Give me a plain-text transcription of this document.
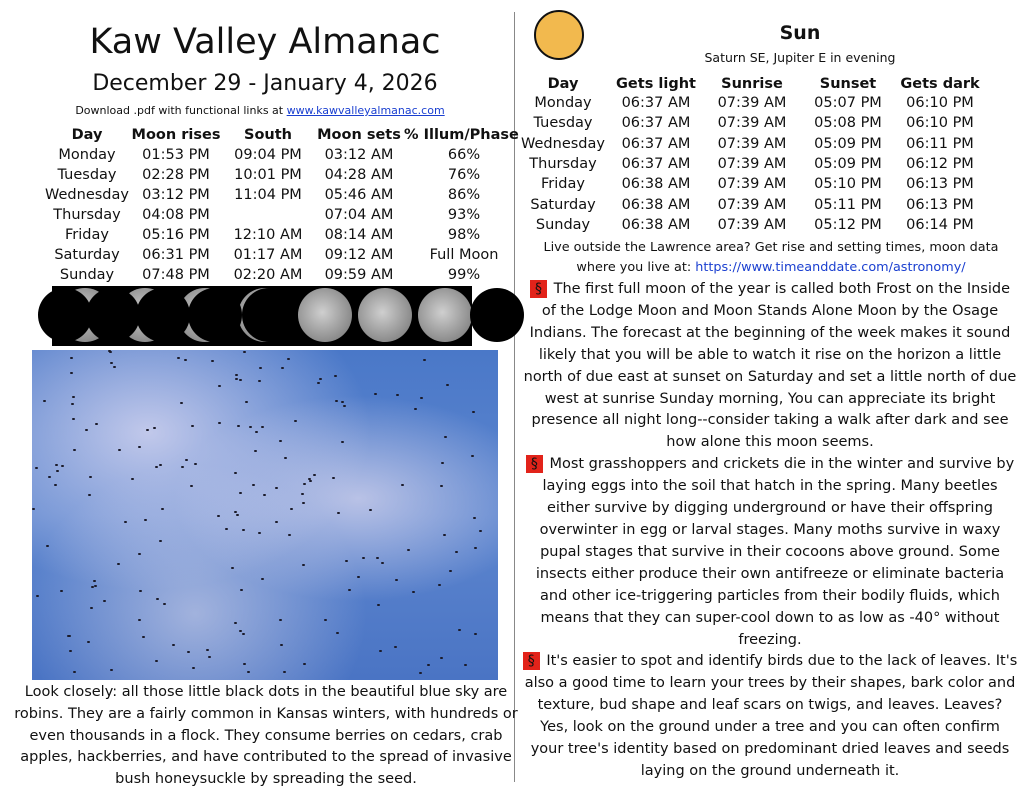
Kaw Valley Almanac
December 29 - January 4, 2026
Download .pdf with functional links at www.kawvalleyalmanac.com
Day	Moon rises	South	Moon sets	% Illum/Phase
Monday	01:53 PM	09:04 PM	03:12 AM	66%
Tuesday	02:28 PM	10:01 PM	04:28 AM	76%
Wednesday	03:12 PM	11:04 PM	05:46 AM	86%
Thursday	04:08 PM		07:04 AM	93%
Friday	05:16 PM	12:10 AM	08:14 AM	98%
Saturday	06:31 PM	01:17 AM	09:12 AM	Full Moon
Sunday	07:48 PM	02:20 AM	09:59 AM	99%
Look closely: all those little black dots in the beautiful blue sky are robins. They are a fairly common in Kansas winters, with hundreds or even thousands in a flock. They consume berries on cedars, crab apples, hackberries, and have contributed to the spread of invasive bush honeysuckle by spreading the seed.
Sun
Saturn SE, Jupiter E in evening
Day	Gets light	Sunrise	Sunset	Gets dark
Monday	06:37 AM	07:39 AM	05:07 PM	06:10 PM
Tuesday	06:37 AM	07:39 AM	05:08 PM	06:10 PM
Wednesday	06:37 AM	07:39 AM	05:09 PM	06:11 PM
Thursday	06:37 AM	07:39 AM	05:09 PM	06:12 PM
Friday	06:38 AM	07:39 AM	05:10 PM	06:13 PM
Saturday	06:38 AM	07:39 AM	05:11 PM	06:13 PM
Sunday	06:38 AM	07:39 AM	05:12 PM	06:14 PM
Live outside the Lawrence area? Get rise and setting times, moon data where you live at: https://www.timeanddate.com/astronomy/
§ The first full moon of the year is called both Frost on the Inside of the Lodge Moon and Moon Stands Alone Moon by the Osage Indians. The forecast at the beginning of the week makes it sound likely that you will be able to watch it rise on the horizon a little north of due east at sunset on Saturday and set a little north of due west at sunrise Sunday morning, You can appreciate its bright presence all night long--consider taking a walk after dark and see how alone this moon seems.
§ Most grasshoppers and crickets die in the winter and survive by laying eggs into the soil that hatch in the spring. Many beetles either survive by digging underground or have their offspring overwinter in egg or larval stages. Many moths survive in waxy pupal stages that survive in their cocoons above ground. Some insects either produce their own antifreeze or eliminate bacteria and other ice-triggering particles from their bodily fluids, which means that they can super-cool down to as low as -40° without freezing.
§ It's easier to spot and identify birds due to the lack of leaves. It's also a good time to learn your trees by their shapes, bark color and texture, bud shape and leaf scars on twigs, and leaves. Leaves? Yes, look on the ground under a tree and you can often confirm your tree's identity based on predominant dried leaves and seeds laying on the ground underneath it.
